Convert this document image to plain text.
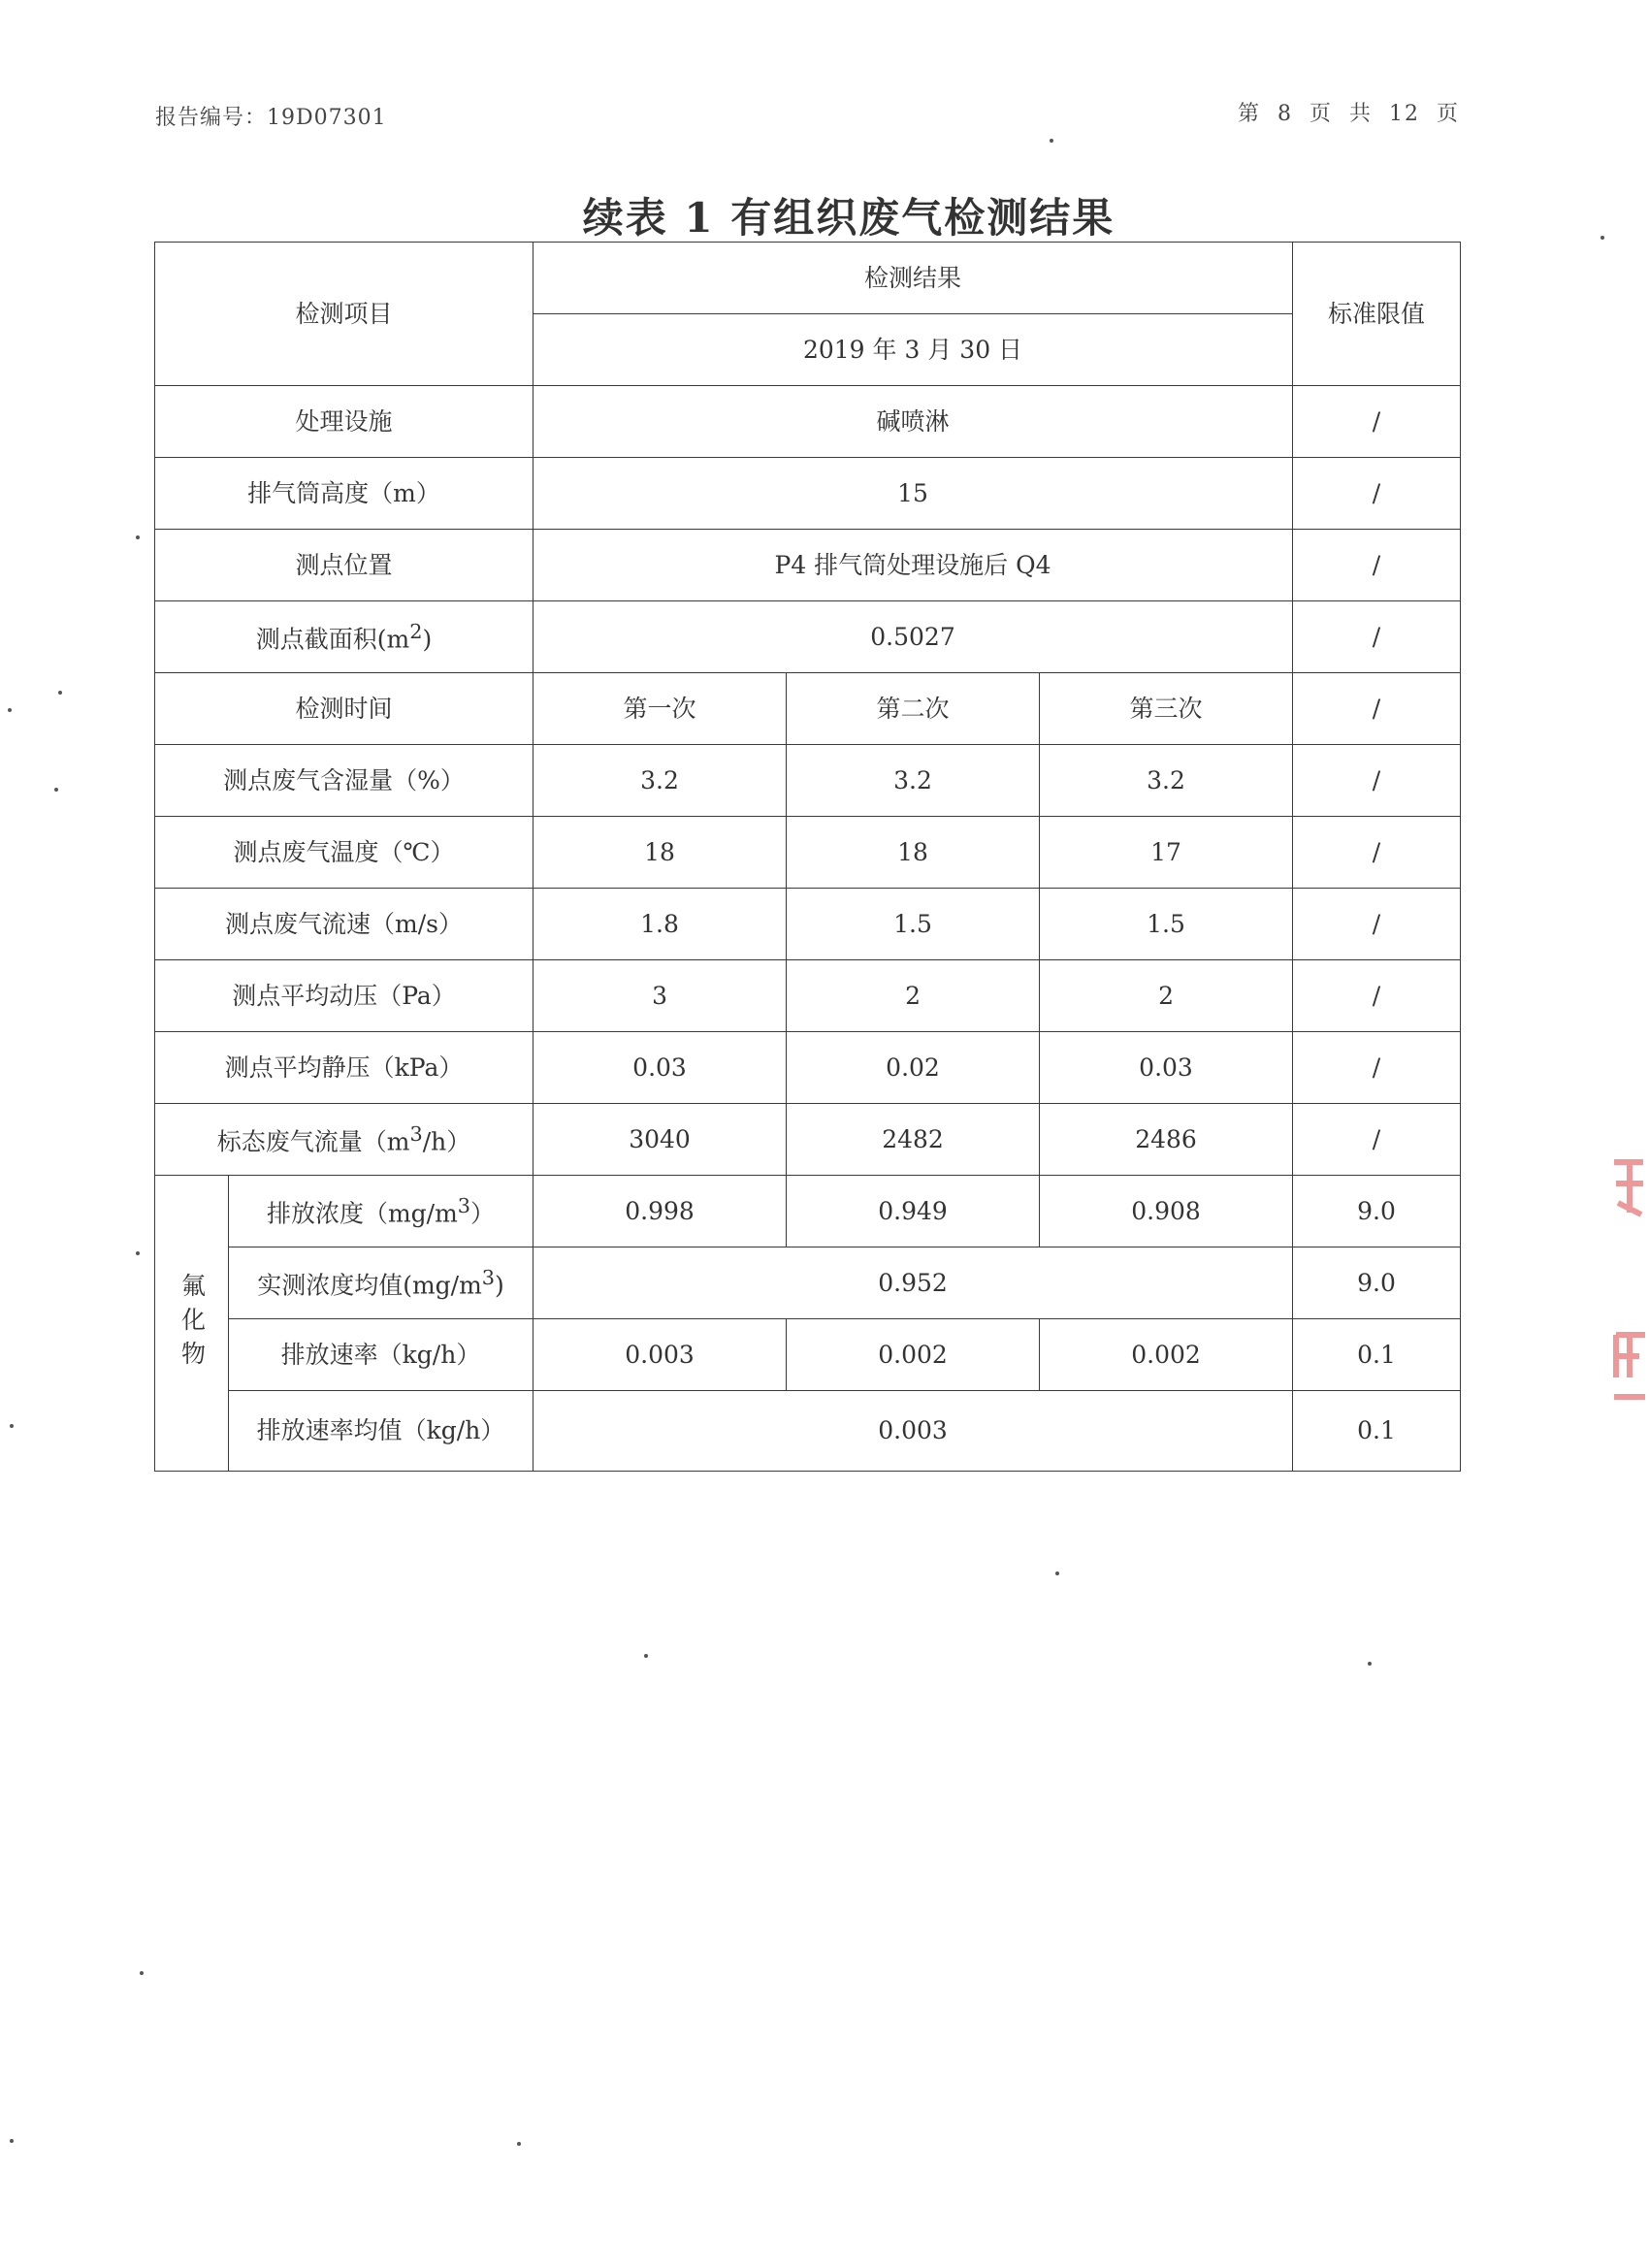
报告编号：19D07301	第 8 页 共 12 页
续表 1 有组织废气检测结果
检测项目		检测结果			标准限值
		2019 年 3 月 30 日			
处理设施		碱喷淋			/
排气筒高度（m）		15			/
测点位置		P4 排气筒处理设施后 Q4			/
测点截面积$(m^2)$		0.5027			/
检测时间		第一次	第二次	第三次	/
测点废气含湿量（%）		3.2	3.2	3.2	/
测点废气温度（℃）		18	18	17	/
测点废气流速（m/s）		1.8	1.5	1.5	/
测点平均动压（Pa）		3	2	2	/
测点平均静压（kPa）		0.03	0.02	0.03	/
标态废气流量$(m^3/h)$		3040	2482	2486	/

氟化物	排放浓度$(mg/m^3)$	0.998	0.949	0.908	9.0
	实测浓度均值$(mg/m^3)$	0.952			9.0
	排放速率（kg/h）	0.003	0.002	0.002	0.1
	排放速率均值（kg/h）	0.003			0.1
